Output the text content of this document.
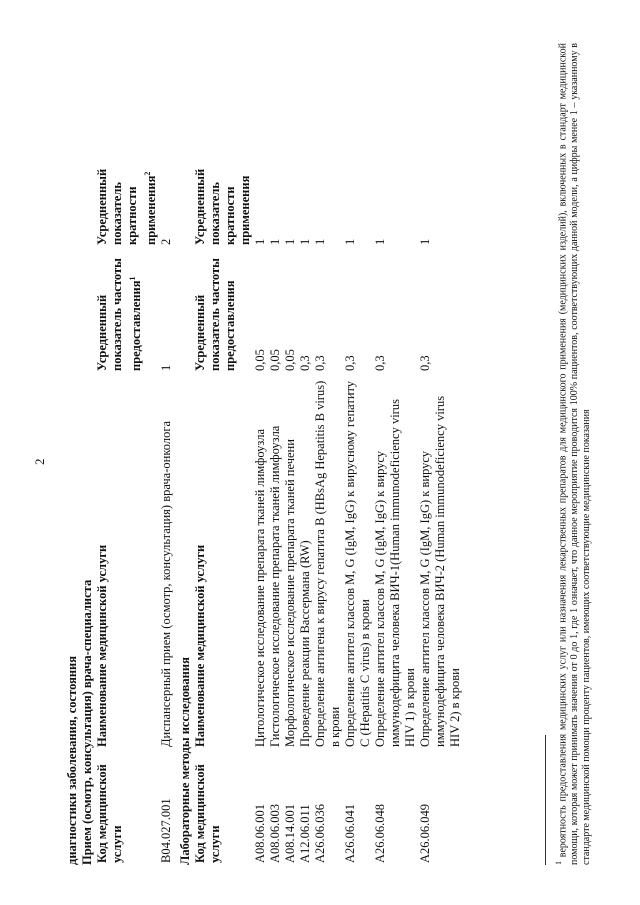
2
диагностики заболевания, состояния Прием (осмотр, консультация) врача-специалиста Код медицинской услуги	Наименование медицинской услуги	Усредненный показатель частоты предоставления$^1$	Усредненный показатель кратности применения$^2$
B04.027.001	Диспансерный прием (осмотр, консультация) врача-онколога	1	2
Лабораторные методы исследования Код медицинской услуги	Наименование медицинской услуги	Усредненный показатель частоты предоставления	Усредненный показатель кратности применения
A08.06.001	Цитологическое исследование препарата тканей лимфоузла	0,05	1
A08.06.003	Гистологическое исследование препарата тканей лимфоузла	0,05	1
A08.14.001	Морфологическое исследование препарата тканей печени	0,05	1
A12.06.011	Проведение реакции Вассермана (RW)	0,3	1
A26.06.036	Определение антигена к вирусу гепатита B (HBsAg Hepatitis B virus) в крови	0,3	1
A26.06.041	Определение антител классов M, G (IgM, IgG) к вирусному гепатиту C (Hepatitis C virus) в крови	0,3	1
A26.06.048	Определение антител классов M, G (IgM, IgG) к вирусу иммунодефицита человека ВИЧ-1(Human immunodeficiency virus HIV 1) в крови	0,3	1
A26.06.049	Определение антител классов M, G (IgM, IgG) к вирусу иммунодефицита человека ВИЧ-2 (Human immunodeficiency virus HIV 2) в крови	0,3	1
$^1$ вероятность предоставления медицинских услуг или назначения лекарственных препаратов для медицинского применения (медицинских изделий), включенных в стандарт медицинской помощи, которая может принимать значения от 0 до 1, где 1 означает, что данное мероприятие проводится 100% пациентов, соответствующих данной модели, а цифры менее 1 – указанному в стандарте медицинской помощи проценту пациентов, имеющих соответствующие медицинские показания
